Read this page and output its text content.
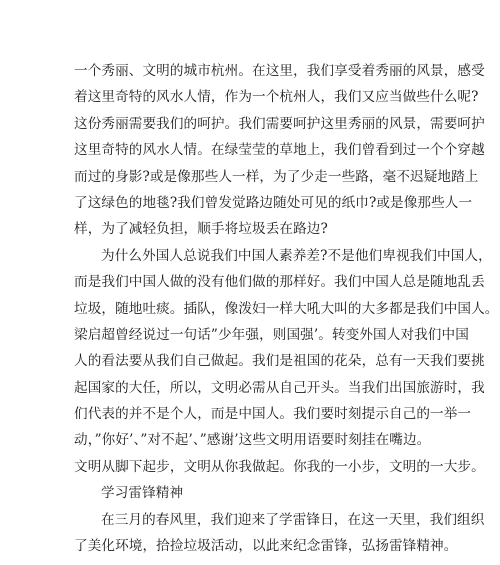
一个秀丽、文明的城市杭州。在这里，我们享受着秀丽的风景，感受
着这里奇特的风水人情，作为一个杭州人，我们又应当做些什么呢?
这份秀丽需要我们的呵护。我们需要呵护这里秀丽的风景，需要呵护
这里奇特的风水人情。在绿莹莹的草地上，我们曾看到过一个个穿越
而过的身影?或是像那些人一样，为了少走一些路，毫不迟疑地踏上
了这绿色的地毯?我们曾发觉路边随处可见的纸巾?或是像那些人一
样，为了减轻负担，顺手将垃圾丢在路边?
为什么外国人总说我们中国人素养差?不是他们卑视我们中国人，
而是我们中国人做的没有他们做的那样好。我们中国人总是随地乱丢
垃圾，随地吐痰。插队，像泼妇一样大吼大叫的大多都是我们中国人。
梁启超曾经说过一句话”少年强，则国强’。转变外国人对我们中国
人的看法要从我们自己做起。我们是祖国的花朵，总有一天我们要挑
起国家的大任，所以，文明必需从自己开头。当我们出国旅游时，我
们代表的并不是个人，而是中国人。我们要时刻提示自己的一举一
动，”你好’、”对不起’、”感谢’这些文明用语要时刻挂在嘴边。
文明从脚下起步，文明从你我做起。你我的一小步，文明的一大步。
学习雷锋精神
在三月的春风里，我们迎来了学雷锋日，在这一天里，我们组织
了美化环境，拾捡垃圾活动，以此来纪念雷锋，弘扬雷锋精神。
